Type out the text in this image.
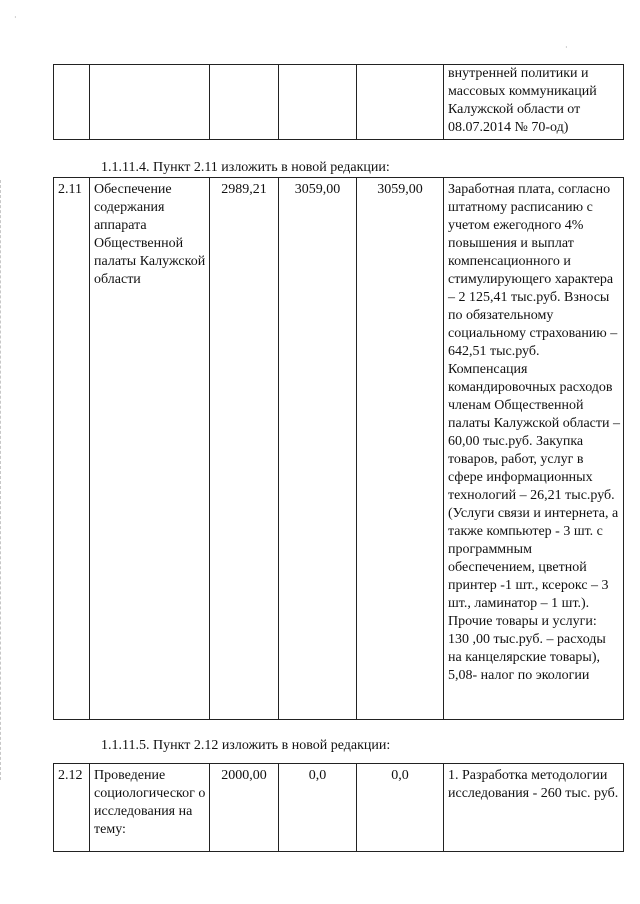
·
·
					внутренней политики и массовых коммуникаций Калужской области от 08.07.2014 № 70-од)
1.1.11.4. Пункт 2.11 изложить в новой редакции:
2.11	Обеспечение содержания аппарата Общественной палаты Калужской области	2989,21	3059,00	3059,00	Заработная плата, согласно штатному расписанию с учетом ежегодного 4% повышения и выплат компенсационного и стимулирующего характера – 2 125,41 тыс.руб. Взносы по обязательному социальному страхованию – 642,51 тыс.руб. Компенсация командировочных расходов членам Общественной палаты Калужской области – 60,00 тыс.руб. Закупка товаров, работ, услуг в сфере информационных технологий – 26,21 тыс.руб. (Услуги связи и интернета, а также компьютер - 3 шт. с программным обеспечением, цветной принтер -1 шт., ксерокс – 3 шт., ламинатор – 1 шт.). Прочие товары и услуги: 130 ,00 тыс.руб. – расходы на канцелярские товары), 5,08- налог по экологии
1.1.11.5. Пункт 2.12 изложить в новой редакции:
2.12	Проведение социологическог о исследования на тему:	2000,00	0,0	0,0	1. Разработка методологии исследования - 260 тыс. руб.
